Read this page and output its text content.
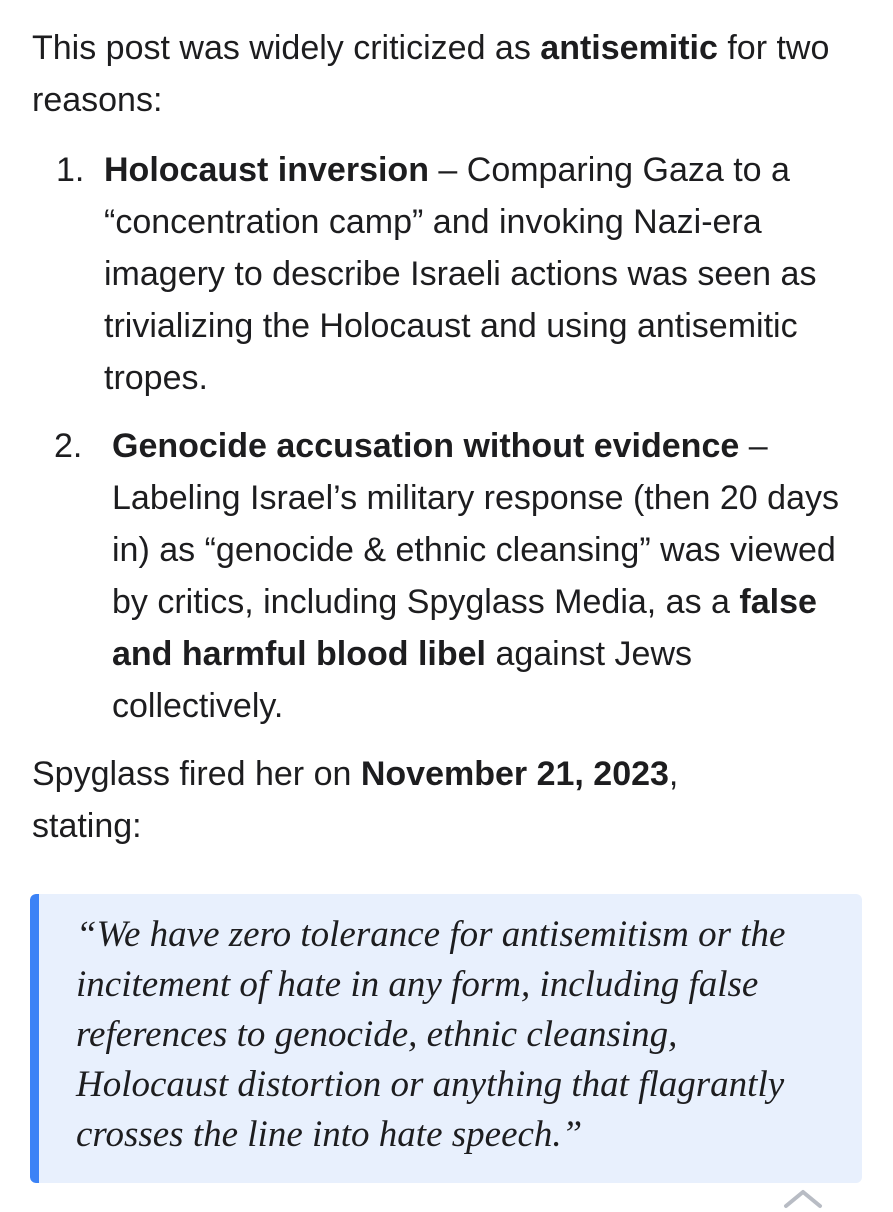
This post was widely criticized as antisemitic for two reasons:

1. Holocaust inversion – Comparing Gaza to a “concentration camp” and invoking Nazi-era imagery to describe Israeli actions was seen as trivializing the Holocaust and using antisemitic tropes.
2. Genocide accusation without evidence – Labeling Israel’s military response (then 20 days in) as “genocide & ethnic cleansing” was viewed by critics, including Spyglass Media, as a false and harmful blood libel against Jews collectively.

Spyglass fired her on November 21, 2023, stating:

“We have zero tolerance for antisemitism or the incitement of hate in any form, including false references to genocide, ethnic cleansing, Holocaust distortion or anything that flagrantly crosses the line into hate speech.”
